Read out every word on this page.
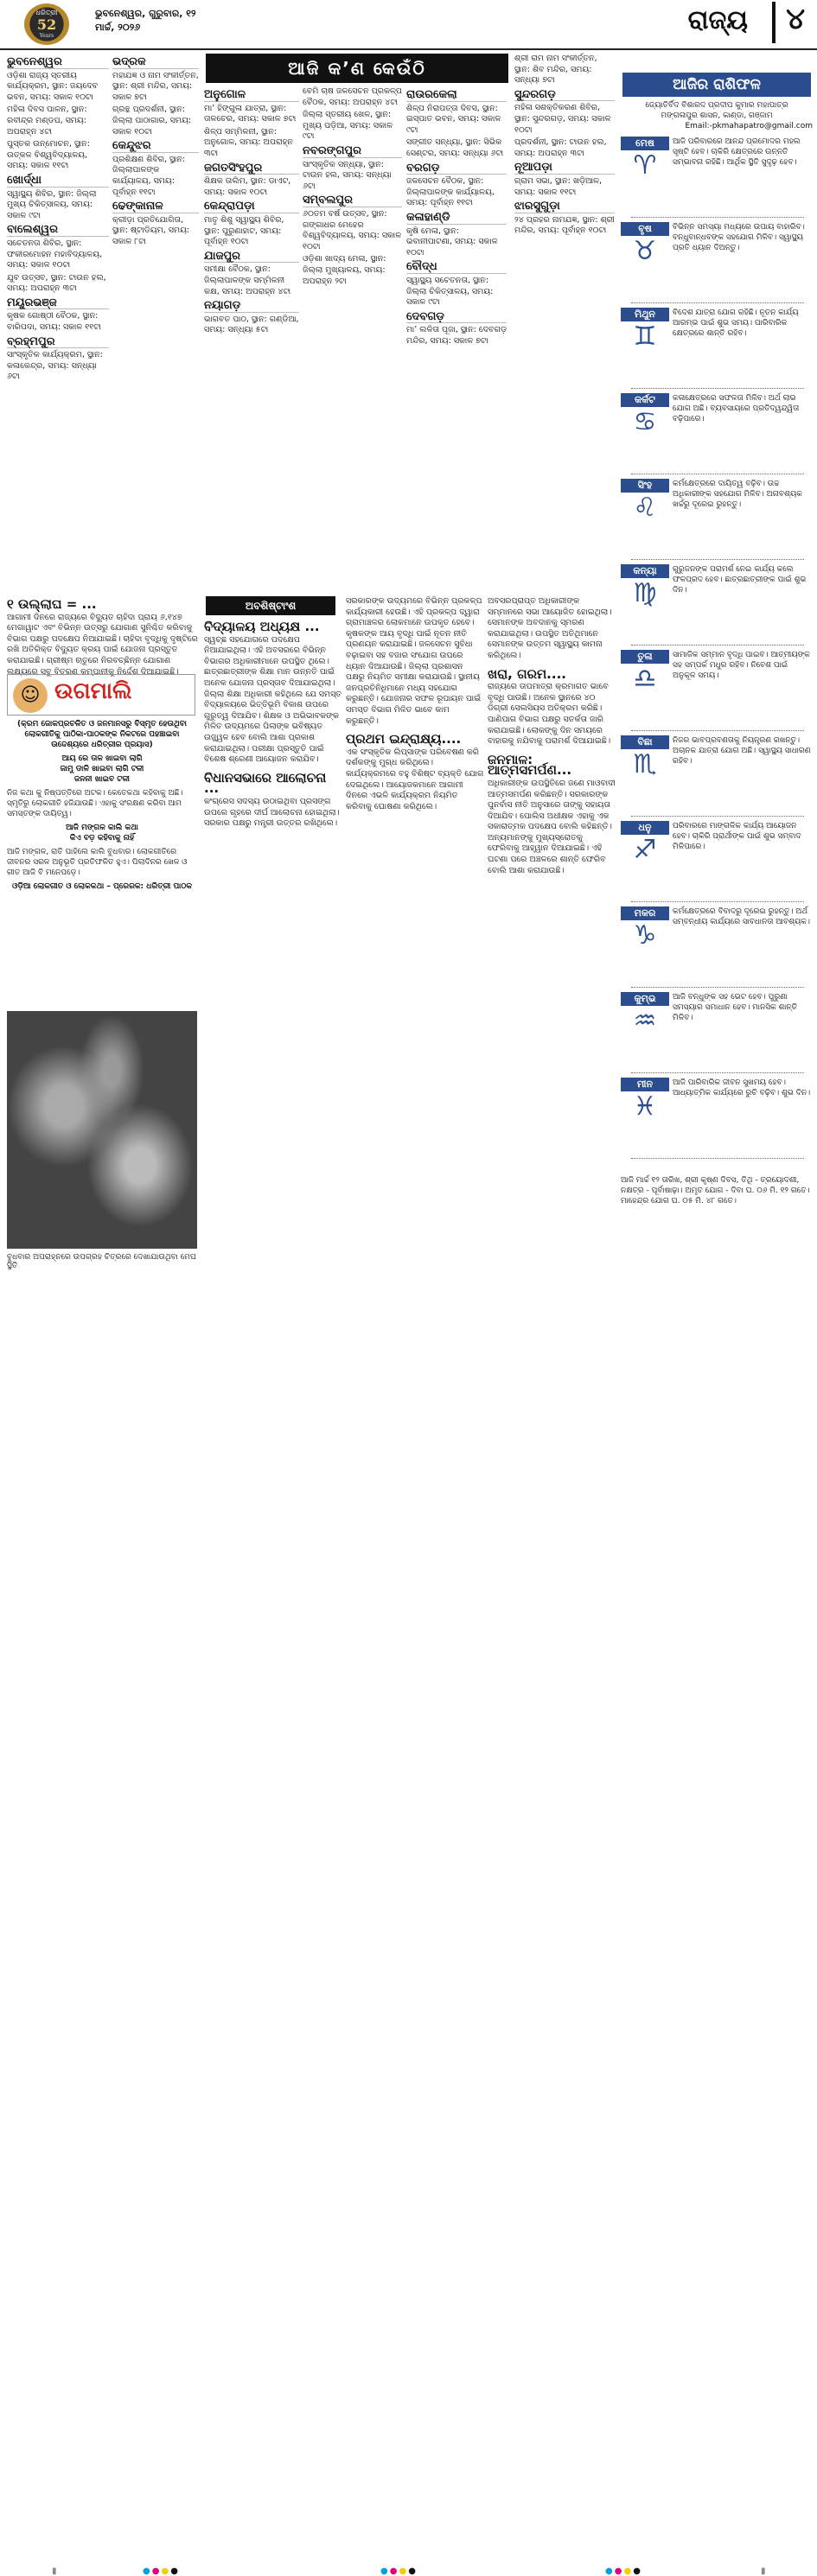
ଧରିତ୍ରୀ
52
Years
ଭୁବନେଶ୍ୱର, ଗୁରୁବାର, ୧୨ ମାର୍ଚ୍ଚ, ୨୦୨୬	ରାଜ୍ୟ	୪
ଆଜି କ’ଣ କେଉଁଠି
ଭୁବନେଶ୍ୱର
ଓଡ଼ିଶା ରାଜ୍ୟ ସ୍ତରୀୟ କାର୍ଯ୍ୟକ୍ରମ, ସ୍ଥାନ: ଜୟଦେବ ଭବନ, ସମୟ: ସକାଳ ୧୦ଟା
ମହିଳା ଦିବସ ପାଳନ, ସ୍ଥାନ: ରବୀନ୍ଦ୍ର ମଣ୍ଡପ, ସମୟ: ଅପରାହ୍ନ ୪ଟା
ପୁସ୍ତକ ଉନ୍ମୋଚନ, ସ୍ଥାନ: ଉତ୍କଳ ବିଶ୍ୱବିଦ୍ୟାଳୟ, ସମୟ: ସକାଳ ୧୧ଟା
ଖୋର୍ଦ୍ଧା
ସ୍ୱାସ୍ଥ୍ୟ ଶିବିର, ସ୍ଥାନ: ଜିଲ୍ଲା ମୁଖ୍ୟ ଚିକିତ୍ସାଳୟ, ସମୟ: ସକାଳ ୯ଟା
ବାଲେଶ୍ୱର
ସଚେତନତା ଶିବିର, ସ୍ଥାନ: ଫକୀରମୋହନ ମହାବିଦ୍ୟାଳୟ, ସମୟ: ସକାଳ ୧୦ଟା
ଯୁବ ଉତ୍ସବ, ସ୍ଥାନ: ଟାଉନ ହଲ, ସମୟ: ଅପରାହ୍ନ ୩ଟା
ମୟୂରଭଞ୍ଜ
କୃଷକ ଗୋଷ୍ଠୀ ବୈଠକ, ସ୍ଥାନ: ବାରିପଦା, ସମୟ: ସକାଳ ୧୧ଟା
ବ୍ରହ୍ମପୁର
ସାଂସ୍କୃତିକ କାର୍ଯ୍ୟକ୍ରମ, ସ୍ଥାନ: କଳାକେନ୍ଦ୍ର, ସମୟ: ସନ୍ଧ୍ୟା ୬ଟା
ଭଦ୍ରକ
ମହାଯଜ୍ଞ ଓ ନାମ ସଂକୀର୍ତ୍ତନ, ସ୍ଥାନ: ଶ୍ରୀ ମନ୍ଦିର, ସମୟ: ସକାଳ ୭ଟା
ଗ୍ରନ୍ଥ ପ୍ରଦର୍ଶନୀ, ସ୍ଥାନ: ଜିଲ୍ଲା ପାଠାଗାର, ସମୟ: ସକାଳ ୧୦ଟା
କେନ୍ଦୁଝର
ପ୍ରଶିକ୍ଷଣ ଶିବିର, ସ୍ଥାନ: ଜିଲ୍ଲାପାଳଙ୍କ କାର୍ଯ୍ୟାଳୟ, ସମୟ: ପୂର୍ବାହ୍ନ ୧୧ଟା
ଢେଙ୍କାନାଳ
କ୍ରୀଡ଼ା ପ୍ରତିଯୋଗିତା, ସ୍ଥାନ: ଷ୍ଟାଡିୟମ, ସମୟ: ସକାଳ ୮ଟା
ଅନୁଗୋଳ
ମା’ ହିଙ୍ଗୁଳା ଯାତ୍ରା, ସ୍ଥାନ: ତାଳଚେର, ସମୟ: ସକାଳ ୭ଟା
ଶିଳ୍ପ ସମ୍ମିଳନୀ, ସ୍ଥାନ: ଅନୁଗୋଳ, ସମୟ: ଅପରାହ୍ନ ୩ଟା
ଜଗତସିଂହପୁର
ଶିକ୍ଷକ ତାଲିମ, ସ୍ଥାନ: ଡାଏଟ, ସମୟ: ସକାଳ ୧୦ଟା
କେନ୍ଦ୍ରାପଡ଼ା
ମାତୃ ଶିଶୁ ସ୍ୱାସ୍ଥ୍ୟ ଶିବିର, ସ୍ଥାନ: ପୁରୁଣାହାଟ, ସମୟ: ପୂର୍ବାହ୍ନ ୧୦ଟା
ଯାଜପୁର
ସମୀକ୍ଷା ବୈଠକ, ସ୍ଥାନ: ଜିଲ୍ଲାପାଳଙ୍କ ସମ୍ମିଳନୀ କକ୍ଷ, ସମୟ: ଅପରାହ୍ନ ୪ଟା
ନୟାଗଡ଼
ଭାଗବତ ପାଠ, ସ୍ଥାନ: ଗଣ୍ଡିଆ, ସମୟ: ସନ୍ଧ୍ୟା ୫ଟା
ବେମି ଚାଷ ଜଳସେଚନ ପ୍ରକଳ୍ପ ବୈଠକ, ସମୟ: ଅପରାହ୍ନ ୪ଟା
ଜିଲ୍ଲା ସ୍ତରୀୟ ଖେଳ, ସ୍ଥାନ: ମୁଖ୍ୟ ପଡ଼ିଆ, ସମୟ: ସକାଳ ୯ଟା
ନବରଙ୍ଗପୁର
ସାଂସ୍କୃତିକ ସନ୍ଧ୍ୟା, ସ୍ଥାନ: ଟାଉନ ହଲ, ସମୟ: ସନ୍ଧ୍ୟା ୬ଟା
ସମ୍ବଲପୁର
୬୦ତମ ବର୍ଷ ଉତ୍ସବ, ସ୍ଥାନ: ଗଙ୍ଗାଧର ମେହେର ବିଶ୍ୱବିଦ୍ୟାଳୟ, ସମୟ: ସକାଳ ୧୦ଟା
ଓଡ଼ିଶା ଖାଦ୍ୟ ମେଳା, ସ୍ଥାନ: ଜିଲ୍ଲା ମୁଖ୍ୟାଳୟ, ସମୟ: ଅପରାହ୍ନ ୨ଟା
ରାଉରକେଲା
ଶିଳ୍ପ ନିରାପତ୍ତା ଦିବସ, ସ୍ଥାନ: ଇସ୍ପାତ ଭବନ, ସମୟ: ସକାଳ ୯ଟା
ସଙ୍ଗୀତ ସନ୍ଧ୍ୟା, ସ୍ଥାନ: ସିଭିକ ସେଣ୍ଟର, ସମୟ: ସନ୍ଧ୍ୟା ୬ଟା
ବରଗଡ଼
ଜଳସେଚନ ବୈଠକ, ସ୍ଥାନ: ଜିଲ୍ଲାପାଳଙ୍କ କାର୍ଯ୍ୟାଳୟ, ସମୟ: ପୂର୍ବାହ୍ନ ୧୧ଟା
କଳାହାଣ୍ଡି
କୃଷି ମେଳା, ସ୍ଥାନ: ଭବାନୀପାଟଣା, ସମୟ: ସକାଳ ୧୦ଟା
ବୌଦ୍ଧ
ସ୍ୱାସ୍ଥ୍ୟ ସଚେତନତା, ସ୍ଥାନ: ଜିଲ୍ଲା ଚିକିତ୍ସାଳୟ, ସମୟ: ସକାଳ ୯ଟା
ଦେବଗଡ଼
ମା’ ଲଳିତା ପୂଜା, ସ୍ଥାନ: ଦେବଗଡ଼ ମନ୍ଦିର, ସମୟ: ସକାଳ ୭ଟା
ଶ୍ରୀ ରାମ ନାମ ସଂକୀର୍ତ୍ତନ, ସ୍ଥାନ: ଶିବ ମନ୍ଦିର, ସମୟ: ସନ୍ଧ୍ୟା ୭ଟା
ସୁନ୍ଦରଗଡ଼
ମହିଳା ସଶକ୍ତିକରଣ ଶିବିର, ସ୍ଥାନ: ସୁନ୍ଦରଗଡ଼, ସମୟ: ସକାଳ ୧୦ଟା
ପ୍ରଦର୍ଶନୀ, ସ୍ଥାନ: ଟାଉନ ହଲ, ସମୟ: ଅପରାହ୍ନ ୩ଟା
ନୂଆପଡ଼ା
ଗ୍ରାମ ସଭା, ସ୍ଥାନ: ଖଡ଼ିଆଳ, ସମୟ: ସକାଳ ୧୧ଟା
ଝାରସୁଗୁଡ଼ା
୨୪ ପ୍ରହର ନାମଯଜ୍ଞ, ସ୍ଥାନ: ଶ୍ରୀ ମନ୍ଦିର, ସମୟ: ପୂର୍ବାହ୍ନ ୧୦ଟା
ଆଜିର ରାଶିଫଳ
ଜ୍ୟୋତିର୍ବିଦ ବିଶାରଦ ପ୍ରଦୀପ କୁମାର ମହାପାତ୍ର
ମଙ୍ଗଳାପୁର ଶାସନ, କାଣ୍ଡା, ଗଞ୍ଜାମ
Email:-pkmahapatro@gmail.com
ମେଷ
♈
ଆଜି ପରିବାରରେ ଆନନ୍ଦ ପ୍ରମୋଦର ମହଲ ସୃଷ୍ଟି ହେବ। ଚାକିରି କ୍ଷେତ୍ରରେ ଉନ୍ନତି ସମ୍ଭାବନା ରହିଛି। ଆର୍ଥିକ ସ୍ଥିତି ସୁଦୃଢ଼ ହେବ।
ବୃଷ
♉
ବିଭିନ୍ନ ସମସ୍ୟା ମଧ୍ୟରେ ଉପାୟ ବାହାରିବ। ବନ୍ଧୁବାନ୍ଧବଙ୍କ ସହଯୋଗ ମିଳିବ। ସ୍ୱାସ୍ଥ୍ୟ ପ୍ରତି ଧ୍ୟାନ ଦିଅନ୍ତୁ।
ମିଥୁନ
♊
ବିଦେଶ ଯାତ୍ରା ଯୋଗ ରହିଛି। ନୂତନ କାର୍ଯ୍ୟ ଆରମ୍ଭ ପାଇଁ ଶୁଭ ସମୟ। ପାରିବାରିକ କ୍ଷେତ୍ରରେ ଶାନ୍ତି ରହିବ।
କର୍କଟ
♋
କଳାକ୍ଷେତ୍ରରେ ସଫଳତା ମିଳିବ। ଅର୍ଥ ଲାଭ ଯୋଗ ଅଛି। ବ୍ୟବସାୟରେ ପ୍ରତିଦ୍ୱନ୍ଦ୍ୱିତା ବଢ଼ିପାରେ।
ସିଂହ
♌
କର୍ମକ୍ଷେତ୍ରରେ ଦାୟିତ୍ୱ ବଢ଼ିବ। ଉଚ୍ଚ ଅଧିକାରୀଙ୍କ ସହଯୋଗ ମିଳିବ। ଅନାବଶ୍ୟକ ଖର୍ଚ୍ଚରୁ ଦୂରେଇ ରୁହନ୍ତୁ।
କନ୍ୟା
♍
ଗୁରୁଜନଙ୍କ ପରାମର୍ଶ ନେଇ କାର୍ଯ୍ୟ କଲେ ଫଳପ୍ରଦ ହେବ। ଛାତ୍ରଛାତ୍ରୀଙ୍କ ପାଇଁ ଶୁଭ ଦିନ।
ତୁଳା
♎
ସାମାଜିକ ସମ୍ମାନ ବୃଦ୍ଧି ପାଇବ। ଆତ୍ମୀୟଙ୍କ ସହ ସମ୍ପର୍କ ମଧୁର ରହିବ। ନିବେଶ ପାଇଁ ଅନୁକୂଳ ସମୟ।
ବିଛା
♏
ନିଜର ଭାବପ୍ରବଣତାକୁ ନିୟନ୍ତ୍ରଣ ରଖନ୍ତୁ। ଅଚାନକ ଯାତ୍ରା ଯୋଗ ଅଛି। ସ୍ୱାସ୍ଥ୍ୟ ସାଧାରଣ ରହିବ।
ଧନୁ
♐
ପରିବାରରେ ମାଙ୍ଗଳିକ କାର୍ଯ୍ୟ ଆୟୋଜନ ହେବ। ଚାକିରି ପ୍ରାର୍ଥୀଙ୍କ ପାଇଁ ଶୁଭ ସମ୍ବାଦ ମିଳିପାରେ।
ମକର
♑
କର୍ମକ୍ଷେତ୍ରରେ ବିବାଦରୁ ଦୂରେଇ ରୁହନ୍ତୁ। ଅର୍ଥ ସମ୍ବନ୍ଧୀୟ କାର୍ଯ୍ୟରେ ସାବଧାନତା ଆବଶ୍ୟକ।
କୁମ୍ଭ
♒
ଆଜି ବନ୍ଧୁଙ୍କ ସହ ଭେଟ ହେବ। ପୁରୁଣା ସମସ୍ୟାର ସମାଧାନ ହେବ। ମାନସିକ ଶାନ୍ତି ମିଳିବ।
ମୀନ
♓
ଆଜି ପାରିବାରିକ ଜୀବନ ସୁଖମୟ ହେବ। ଆଧ୍ୟାତ୍ମିକ କାର୍ଯ୍ୟରେ ରୁଚି ବଢ଼ିବ। ଶୁଭ ଦିନ।
ଆଜି ମାର୍ଚ୍ଚ ୧୨ ତାରିଖ, ଶ୍ରୀ କୃଷ୍ଣ ଦିବସ, ତିଥି - ତ୍ରୟୋଦଶୀ, ନକ୍ଷତ୍ର - ପୂର୍ବାଷାଢ଼ା। ଅମୃତ ଯୋଗ - ଦିବା ଘ. ୦୬ ମି. ୧୨ ଗତେ। ମାହେନ୍ଦ୍ର ଯୋଗ ଘ. ୦୫ ମି. ୪୮ ଗତେ।
୧ ଉଲ୍ଲାଘ = ...
ଆଗାମୀ ଦିନରେ ରାଜ୍ୟରେ ବିଦ୍ୟୁତ ଚାହିଦା ପ୍ରାୟ ୬,୧୪୭ ମେଗାୱାଟ ଏବଂ ବିଭିନ୍ନ ଉତ୍ସରୁ ଯୋଗାଣ ସୁନିଶ୍ଚିତ କରିବାକୁ ବିଭାଗ ପକ୍ଷରୁ ପଦକ୍ଷେପ ନିଆଯାଇଛି। ଚାହିଦା ବୃଦ୍ଧିକୁ ଦୃଷ୍ଟିରେ ରଖି ଅତିରିକ୍ତ ବିଦ୍ୟୁତ କ୍ରୟ ପାଇଁ ଯୋଜନା ପ୍ରସ୍ତୁତ କରାଯାଇଛି। ଗ୍ରୀଷ୍ମ ଋତୁରେ ନିରବଚ୍ଛିନ୍ନ ଯୋଗାଣ ଲକ୍ଷ୍ୟରେ ସବୁ ବିତରଣ କମ୍ପାନୀକୁ ନିର୍ଦ୍ଦେଶ ଦିଆଯାଇଛି।
☺ ଉଗମାଲି
(କ୍ରମ ଜୋକପ୍ରଚଳିତ ଓ ଜନମାନସରୁ ବିସ୍ମୃତ ହେଉଥିବା ଲୋକଗୀତିକୁ ପାଠିକା-ପାଠକଙ୍କ ନିକଟରେ ପହଞ୍ଚାଇବା ଉଦ୍ଦେଶ୍ୟରେ ଧରିତ୍ରୀର ପ୍ରୟାସ)
ଆୟ ରେ ତାଳ ଖାଇବା ଲାଗି
ଜାମୁ ଡାଳି ଖାଇବା ଲାଗି ଟଳୀ
ଜନନୀ ଖାଇବ ଟଳୀ
ନିଜ କଥା କୁ ନିଷ୍ପତ୍ତିରେ ଅଟକ। କେତେକଥା କହିବାକୁ ଅଛି। ସ୍ମୃତିରୁ ଲୋକଗୀତି ହଜିଯାଉଛି। ଏହାକୁ ସଂରକ୍ଷଣ କରିବା ଆମ ସମସ୍ତଙ୍କ ଦାୟିତ୍ୱ।
ଆଜି ମଙ୍ଗଳ କାଲି କଥା
କିଏ ବଡ଼ କହିବାକୁ ନାହିଁ
ଆଜି ମଙ୍ଗଳ, ରାତି ପାହିଲେ କାଲି ବୁଧବାର। ଲୋକଗୀତିରେ ଜୀବନର ସରଳ ଅନୁଭୂତି ପ୍ରତିଫଳିତ ହୁଏ। ପିଲାଦିନର ଖେଳ ଓ ଗୀତ ଆଜି ବି ମନେପଡ଼େ।
ଓଡ଼ିଆ ଲୋକଗୀତ ଓ ଲୋକକଥା – ପ୍ରେରକ: ଧରିତ୍ରୀ ପାଠକ
ବୁଧବାର ଅପରାହ୍ନରେ ଉପଗ୍ରହ ଚିତ୍ରରେ ଦେଖାଯାଉଥିବା ମେଘ ସ୍ଥିତି
ଅବଶିଷ୍ଟାଂଶ
ବିଦ୍ୟାଳୟ ଅଧ୍ୟକ୍ଷ ...
ସ୍ୱଚ୍ଛ ସହଯୋଗରେ ପଦକ୍ଷେପ ନିଆଯାଇଥିଲା। ଏହି ଅବସରରେ ବିଭିନ୍ନ ବିଭାଗର ଅଧିକାରୀମାନେ ଉପସ୍ଥିତ ଥିଲେ। ଛାତ୍ରଛାତ୍ରୀଙ୍କ ଶିକ୍ଷା ମାନ ଉନ୍ନତି ପାଇଁ ଅନେକ ଯୋଜନା ପ୍ରସ୍ତାବ ଦିଆଯାଇଥିଲା। ଜିଲ୍ଲା ଶିକ୍ଷା ଅଧିକାରୀ କହିଥିଲେ ଯେ ସମସ୍ତ ବିଦ୍ୟାଳୟରେ ଭିତ୍ତିଭୂମି ବିକାଶ ଉପରେ ଗୁରୁତ୍ୱ ଦିଆଯିବ। ଶିକ୍ଷକ ଓ ଅଭିଭାବକଙ୍କ ମିଳିତ ଉଦ୍ୟମରେ ପିଲାଙ୍କ ଭବିଷ୍ୟତ ଉଜ୍ଜ୍ୱଳ ହେବ ବୋଲି ଆଶା ପ୍ରକାଶ କରାଯାଇଥିଲା। ପରୀକ୍ଷା ପ୍ରସ୍ତୁତି ପାଇଁ ବିଶେଷ ଶ୍ରେଣୀ ଆୟୋଜନ କରାଯିବ।
ବିଧାନସଭାରେ ଆଲୋଚନା ...
କଂଗ୍ରେସ ସଦସ୍ୟ ଉଠାଇଥିବା ପ୍ରସଙ୍ଗ ଉପରେ ଗୃହରେ ଦୀର୍ଘ ଆଲୋଚନା ହୋଇଥିଲା। ସରକାର ପକ୍ଷରୁ ମନ୍ତ୍ରୀ ଉତ୍ତର ରଖିଥିଲେ।
ସରକାରଙ୍କ ଉଦ୍ୟମରେ ବିଭିନ୍ନ ପ୍ରକଳ୍ପ କାର୍ଯ୍ୟକାରୀ ହେଉଛି। ଏହି ପ୍ରକଳ୍ପ ଦ୍ୱାରା ଗ୍ରାମାଞ୍ଚଳର ଲୋକମାନେ ଉପକୃତ ହେବେ। କୃଷକଙ୍କ ଆୟ ବୃଦ୍ଧି ପାଇଁ ନୂତନ ନୀତି ପ୍ରଣୟନ କରାଯାଇଛି। ଜଳସେଚନ ସୁବିଧା ବଢ଼ାଇବା ସହ ବଜାର ସଂଯୋଗ ଉପରେ ଧ୍ୟାନ ଦିଆଯାଉଛି। ଜିଲ୍ଲା ପ୍ରଶାସନ ପକ୍ଷରୁ ନିୟମିତ ସମୀକ୍ଷା କରାଯାଉଛି। ସ୍ଥାନୀୟ ଜନପ୍ରତିନିଧିମାନେ ମଧ୍ୟ ସହଯୋଗ କରୁଛନ୍ତି। ଯୋଜନାର ସଫଳ ରୂପାୟନ ପାଇଁ ସମସ୍ତ ବିଭାଗ ମିଳିତ ଭାବେ କାମ କରୁଛନ୍ତି।
ପ୍ରଥମ ଇନ୍ଦ୍ରାକ୍ଷ୍ୟ....
ଏକ ସଂସ୍କୃତିକ ଲିପ୍ସାଙ୍କ ପରିବେଷଣ କରି ଦର୍ଶକଙ୍କୁ ମୁଗ୍ଧ କରିଥିଲେ। କାର୍ଯ୍ୟକ୍ରମରେ ବହୁ ବିଶିଷ୍ଟ ବ୍ୟକ୍ତି ଯୋଗ ଦେଇଥିଲେ। ଆୟୋଜକମାନେ ଆଗାମୀ ଦିନରେ ଏଭଳି କାର୍ଯ୍ୟକ୍ରମ ନିୟମିତ କରିବାକୁ ଘୋଷଣା କରିଥିଲେ।
ଅବସରପ୍ରାପ୍ତ ଅଧିକାରୀଙ୍କ ସମ୍ମାନରେ ସଭା ଆୟୋଜିତ ହୋଇଥିଲା। ସେମାନଙ୍କ ଅବଦାନକୁ ସ୍ମରଣ କରାଯାଇଥିଲା। ଉପସ୍ଥିତ ଅତିଥିମାନେ ସେମାନଙ୍କ ଉତ୍ତମ ସ୍ୱାସ୍ଥ୍ୟ କାମନା କରିଥିଲେ।
ଖରା, ଗରମ....
ରାଜ୍ୟରେ ତାପମାତ୍ରା କ୍ରମାଗତ ଭାବେ ବୃଦ୍ଧି ପାଉଛି। ଅନେକ ସ୍ଥାନରେ ୪୦ ଡିଗ୍ରୀ ସେଲସିୟସ ଅତିକ୍ରମ କରିଛି। ପାଣିପାଗ ବିଭାଗ ପକ୍ଷରୁ ସତର୍କତା ଜାରି କରାଯାଇଛି। ଲୋକଙ୍କୁ ଦିନ ସମୟରେ ବାହାରକୁ ନଯିବାକୁ ପରାମର୍ଶ ଦିଆଯାଇଛି।
ଜନମାଳ: ଆତ୍ମସମର୍ପଣ...
ଅଧିକାରୀଙ୍କ ଉପସ୍ଥିତିରେ ଜଣେ ମାଓବାଦୀ ଆତ୍ମସମର୍ପଣ କରିଛନ୍ତି। ସରକାରଙ୍କ ପୁନର୍ବାସ ନୀତି ଅନୁସାରେ ତାଙ୍କୁ ସହାୟତା ଦିଆଯିବ। ପୋଲିସ ଅଧୀକ୍ଷକ ଏହାକୁ ଏକ ସକାରାତ୍ମକ ପଦକ୍ଷେପ ବୋଲି କହିଛନ୍ତି। ଅନ୍ୟମାନଙ୍କୁ ମୁଖ୍ୟସ୍ରୋତକୁ ଫେରିବାକୁ ଆହ୍ୱାନ ଦିଆଯାଇଛି। ଏହି ଘଟଣା ପରେ ଅଞ୍ଚଳରେ ଶାନ୍ତି ଫେରିବ ବୋଲି ଆଶା କରାଯାଉଛି।
▮	●●●●	●●●●	●●●●	▮
